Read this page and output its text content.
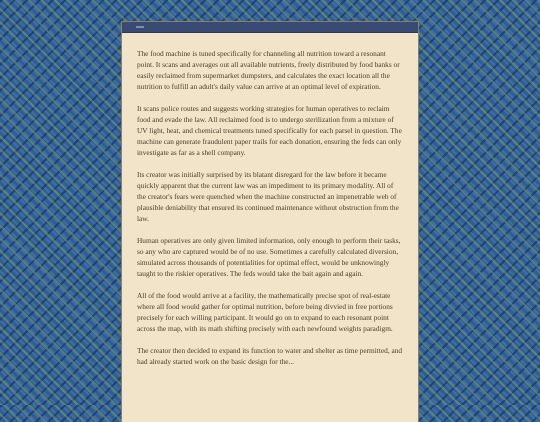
The food machine is tuned specifically for channeling all nutrition toward a resonant point. It scans and averages out all available nutrients, freely distributed by food banks or easily reclaimed from supermarket dumpsters, and calculates the exact location all the nutrition to fulfill an adult's daily value can arrive at an optimal level of expiration.

It scans police routes and suggests working strategies for human operatives to reclaim food and evade the law. All reclaimed food is to undergo sterilization from a mixture of UV light, heat, and chemical treatments tuned specifically for each parsel in question. The machine can generate fraudulent paper trails for each donation, ensuring the feds can only investigate as far as a shell company.

Its creator was initially surprised by its blatant disregard for the law before it became quickly apparent that the current law was an impediment to its primary modality. All of the creator's fears were quenched when the machine constructed an impenetrable web of plausible deniability that ensured its continued maintenance without obstruction from the law.

Human operatives are only given limited information, only enough to perform their tasks, so any who are captured would be of no use. Sometimes a carefully calculated diversion, simulated across thousands of potentialities for optimal effect, would be unknowingly taught to the riskier operatives. The feds would take the bait again and again.

All of the food would arrive at a facility, the mathematically precise spot of real-estate where all food would gather for optimal nutrition, before being divvied in free portions precisely for each willing participant. It would go on to expand to each resonant point across the map, with its math shifting precisely with each newfound weights paradigm.

The creator then decided to expand its function to water and shelter as time permitted, and had already started work on the basic design for the...
